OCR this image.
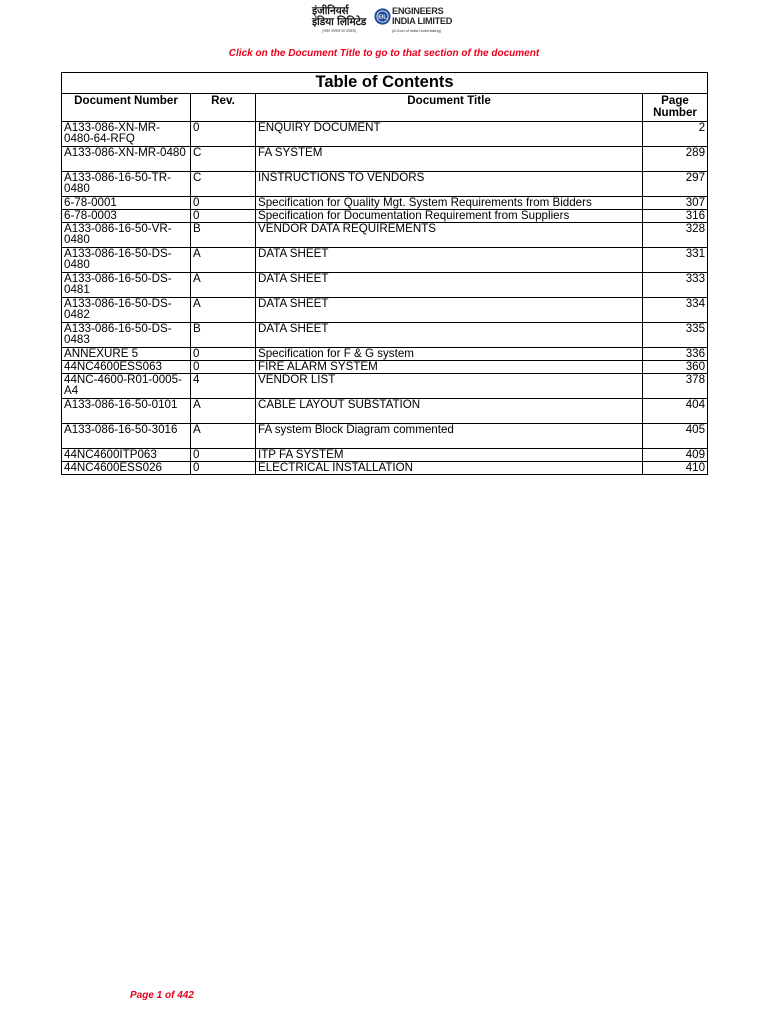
इंजीनियर्स
इंडिया लिमिटेड
(भारत सरकार का उपक्रम)
EIL
ENGINEERS
INDIA LIMITED
(A Govt of India Undertaking)
Click on the Document Title to go to that section of the document
Table of Contents			
Document Number	Rev.	Document Title	Page Number
A133-086-XN-MR-0480-64-RFQ	0	ENQUIRY DOCUMENT	2
A133-086-XN-MR-0480	C	FA SYSTEM	289
A133-086-16-50-TR-0480	C	INSTRUCTIONS TO VENDORS	297
6-78-0001	0	Specification for Quality Mgt. System Requirements from Bidders	307
6-78-0003	0	Specification for Documentation Requirement from Suppliers	316
A133-086-16-50-VR-0480	B	VENDOR DATA REQUIREMENTS	328
A133-086-16-50-DS-0480	A	DATA SHEET	331
A133-086-16-50-DS-0481	A	DATA SHEET	333
A133-086-16-50-DS-0482	A	DATA SHEET	334
A133-086-16-50-DS-0483	B	DATA SHEET	335
ANNEXURE 5	0	Specification for F & G system	336
44NC4600ESS063	0	FIRE ALARM SYSTEM	360
44NC-4600-R01-0005-A4	4	VENDOR LIST	378
A133-086-16-50-0101	A	CABLE LAYOUT SUBSTATION	404
A133-086-16-50-3016	A	FA system Block Diagram commented	405
44NC4600ITP063	0	ITP FA SYSTEM	409
44NC4600ESS026	0	ELECTRICAL INSTALLATION	410
Page 1 of 442
